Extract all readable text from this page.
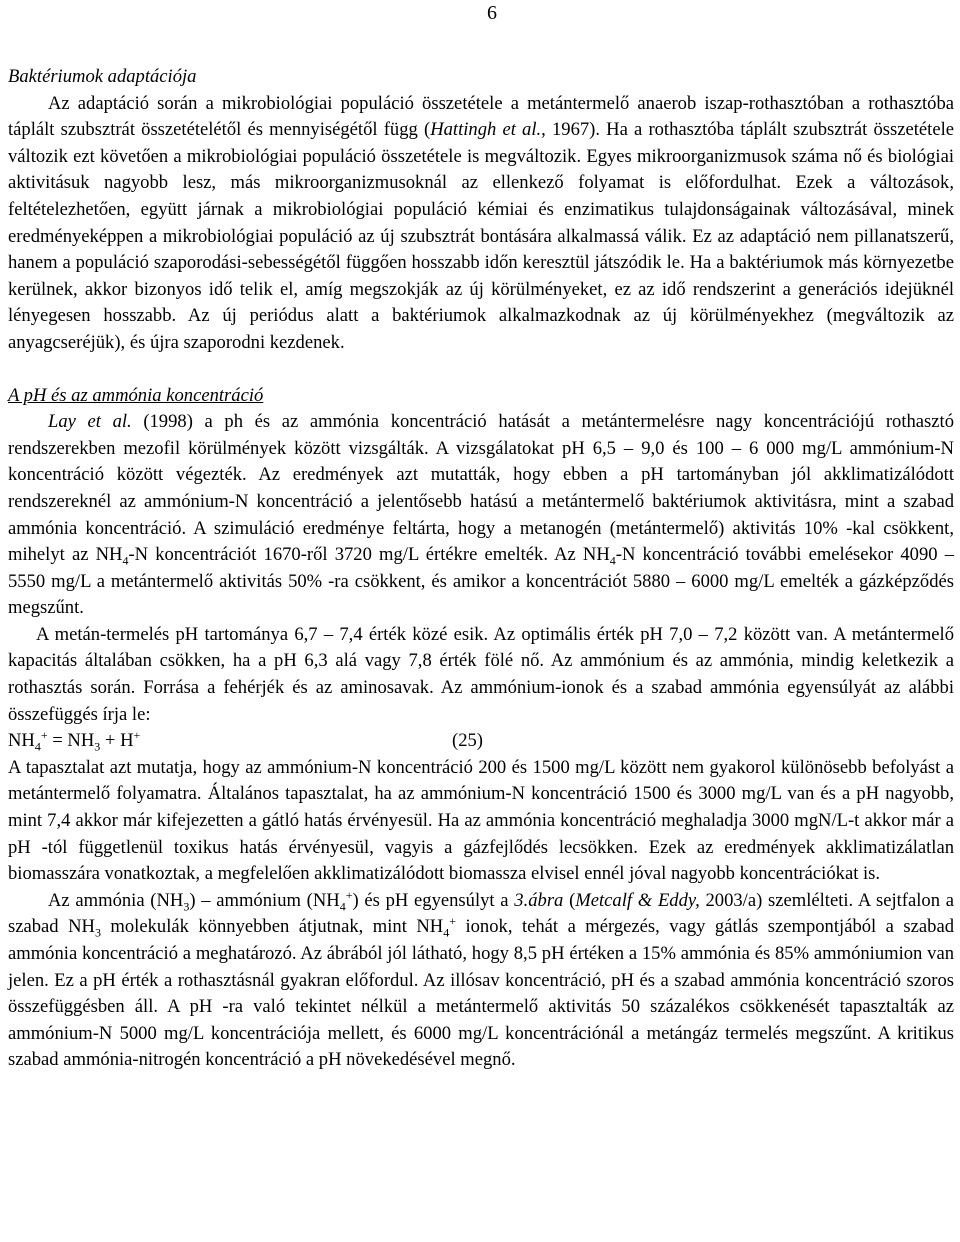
6
Baktériumok adaptációja

Az adaptáció során a mikrobiológiai populáció összetétele a metántermelő anaerob iszap-rothasztóban a rothasztóba táplált szubsztrát összetételétől és mennyiségétől függ (Hattingh et al., 1967). Ha a rothasztóba táplált szubsztrát összetétele változik ezt követően a mikrobiológiai populáció összetétele is megváltozik. Egyes mikroorganizmusok száma nő és biológiai aktivitásuk nagyobb lesz, más mikroorganizmusoknál az ellenkező folyamat is előfordulhat. Ezek a változások, feltételezhetően, együtt járnak a mikrobiológiai populáció kémiai és enzimatikus tulajdonságainak változásával, minek eredményeképpen a mikrobiológiai populáció az új szubsztrát bontására alkalmassá válik. Ez az adaptáció nem pillanatszerű, hanem a populáció szaporodási-sebességétől függően hosszabb időn keresztül játszódik le. Ha a baktériumok más környezetbe kerülnek, akkor bizonyos idő telik el, amíg megszokják az új körülményeket, ez az idő rendszerint a generációs idejüknél lényegesen hosszabb. Az új periódus alatt a baktériumok alkalmazkodnak az új körülményekhez (megváltozik az anyagcseréjük), és újra szaporodni kezdenek.

A pH és az ammónia koncentráció

Lay et al. (1998) a ph és az ammónia koncentráció hatását a metántermelésre nagy koncentrációjú rothasztó rendszerekben mezofil körülmények között vizsgálták. A vizsgálatokat pH 6,5 – 9,0 és 100 – 6 000 mg/L ammónium-N koncentráció között végezték. Az eredmények azt mutatták, hogy ebben a pH tartományban jól akklimatizálódott rendszereknél az ammónium-N koncentráció a jelentősebb hatású a metántermelő baktériumok aktivitásra, mint a szabad ammónia koncentráció. A szimuláció eredménye feltárta, hogy a metanogén (metántermelő) aktivitás 10% -kal csökkent, mihelyt az $NH_4-N$ koncentrációt 1670-ről 3720 mg/L értékre emelték. Az $NH_4-N$ koncentráció további emelésekor 4090 – 5550 mg/L a metántermelő aktivitás 50% -ra csökkent, és amikor a koncentrációt 5880 – 6000 mg/L emelték a gázképződés megszűnt.

A metán-termelés pH tartománya 6,7 – 7,4 érték közé esik. Az optimális érték pH 7,0 – 7,2 között van. A metántermelő kapacitás általában csökken, ha a pH 6,3 alá vagy 7,8 érték fölé nő. Az ammónium és az ammónia, mindig keletkezik a rothasztás során. Forrása a fehérjék és az aminosavak. Az ammónium-ionok és a szabad ammónia egyensúlyát az alábbi összefüggés írja le:

$NH_4^+ = NH_3 + H^+$	(25)

A tapasztalat azt mutatja, hogy az ammónium-N koncentráció 200 és 1500 mg/L között nem gyakorol különösebb befolyást a metántermelő folyamatra. Általános tapasztalat, ha az ammónium-N koncentráció 1500 és 3000 mg/L van és a pH nagyobb, mint 7,4 akkor már kifejezetten a gátló hatás érvényesül. Ha az ammónia koncentráció meghaladja 3000 mgN/L-t akkor már a pH -tól függetlenül toxikus hatás érvényesül, vagyis a gázfejlődés lecsökken. Ezek az eredmények akklimatizálatlan biomasszára vonatkoztak, a megfelelően akklimatizálódott biomassza elvisel ennél jóval nagyobb koncentrációkat is.

Az ammónia $(NH_3)$ – ammónium $(NH_4^+)$ és pH egyensúlyt a 3.ábra (Metcalf & Eddy, 2003/a) szemlélteti. A sejtfalon a szabad $NH_3$ molekulák könnyebben átjutnak, mint $NH_4^+$ ionok, tehát a mérgezés, vagy gátlás szempontjából a szabad ammónia koncentráció a meghatározó. Az ábrából jól látható, hogy 8,5 pH értéken a 15% ammónia és 85% ammóniumion van jelen. Ez a pH érték a rothasztásnál gyakran előfordul. Az illósav koncentráció, pH és a szabad ammónia koncentráció szoros összefüggésben áll. A pH -ra való tekintet nélkül a metántermelő aktivitás 50 százalékos csökkenését tapasztalták az ammónium-N 5000 mg/L koncentrációja mellett, és 6000 mg/L koncentrációnál a metángáz termelés megszűnt. A kritikus szabad ammónia-nitrogén koncentráció a pH növekedésével megnő.
